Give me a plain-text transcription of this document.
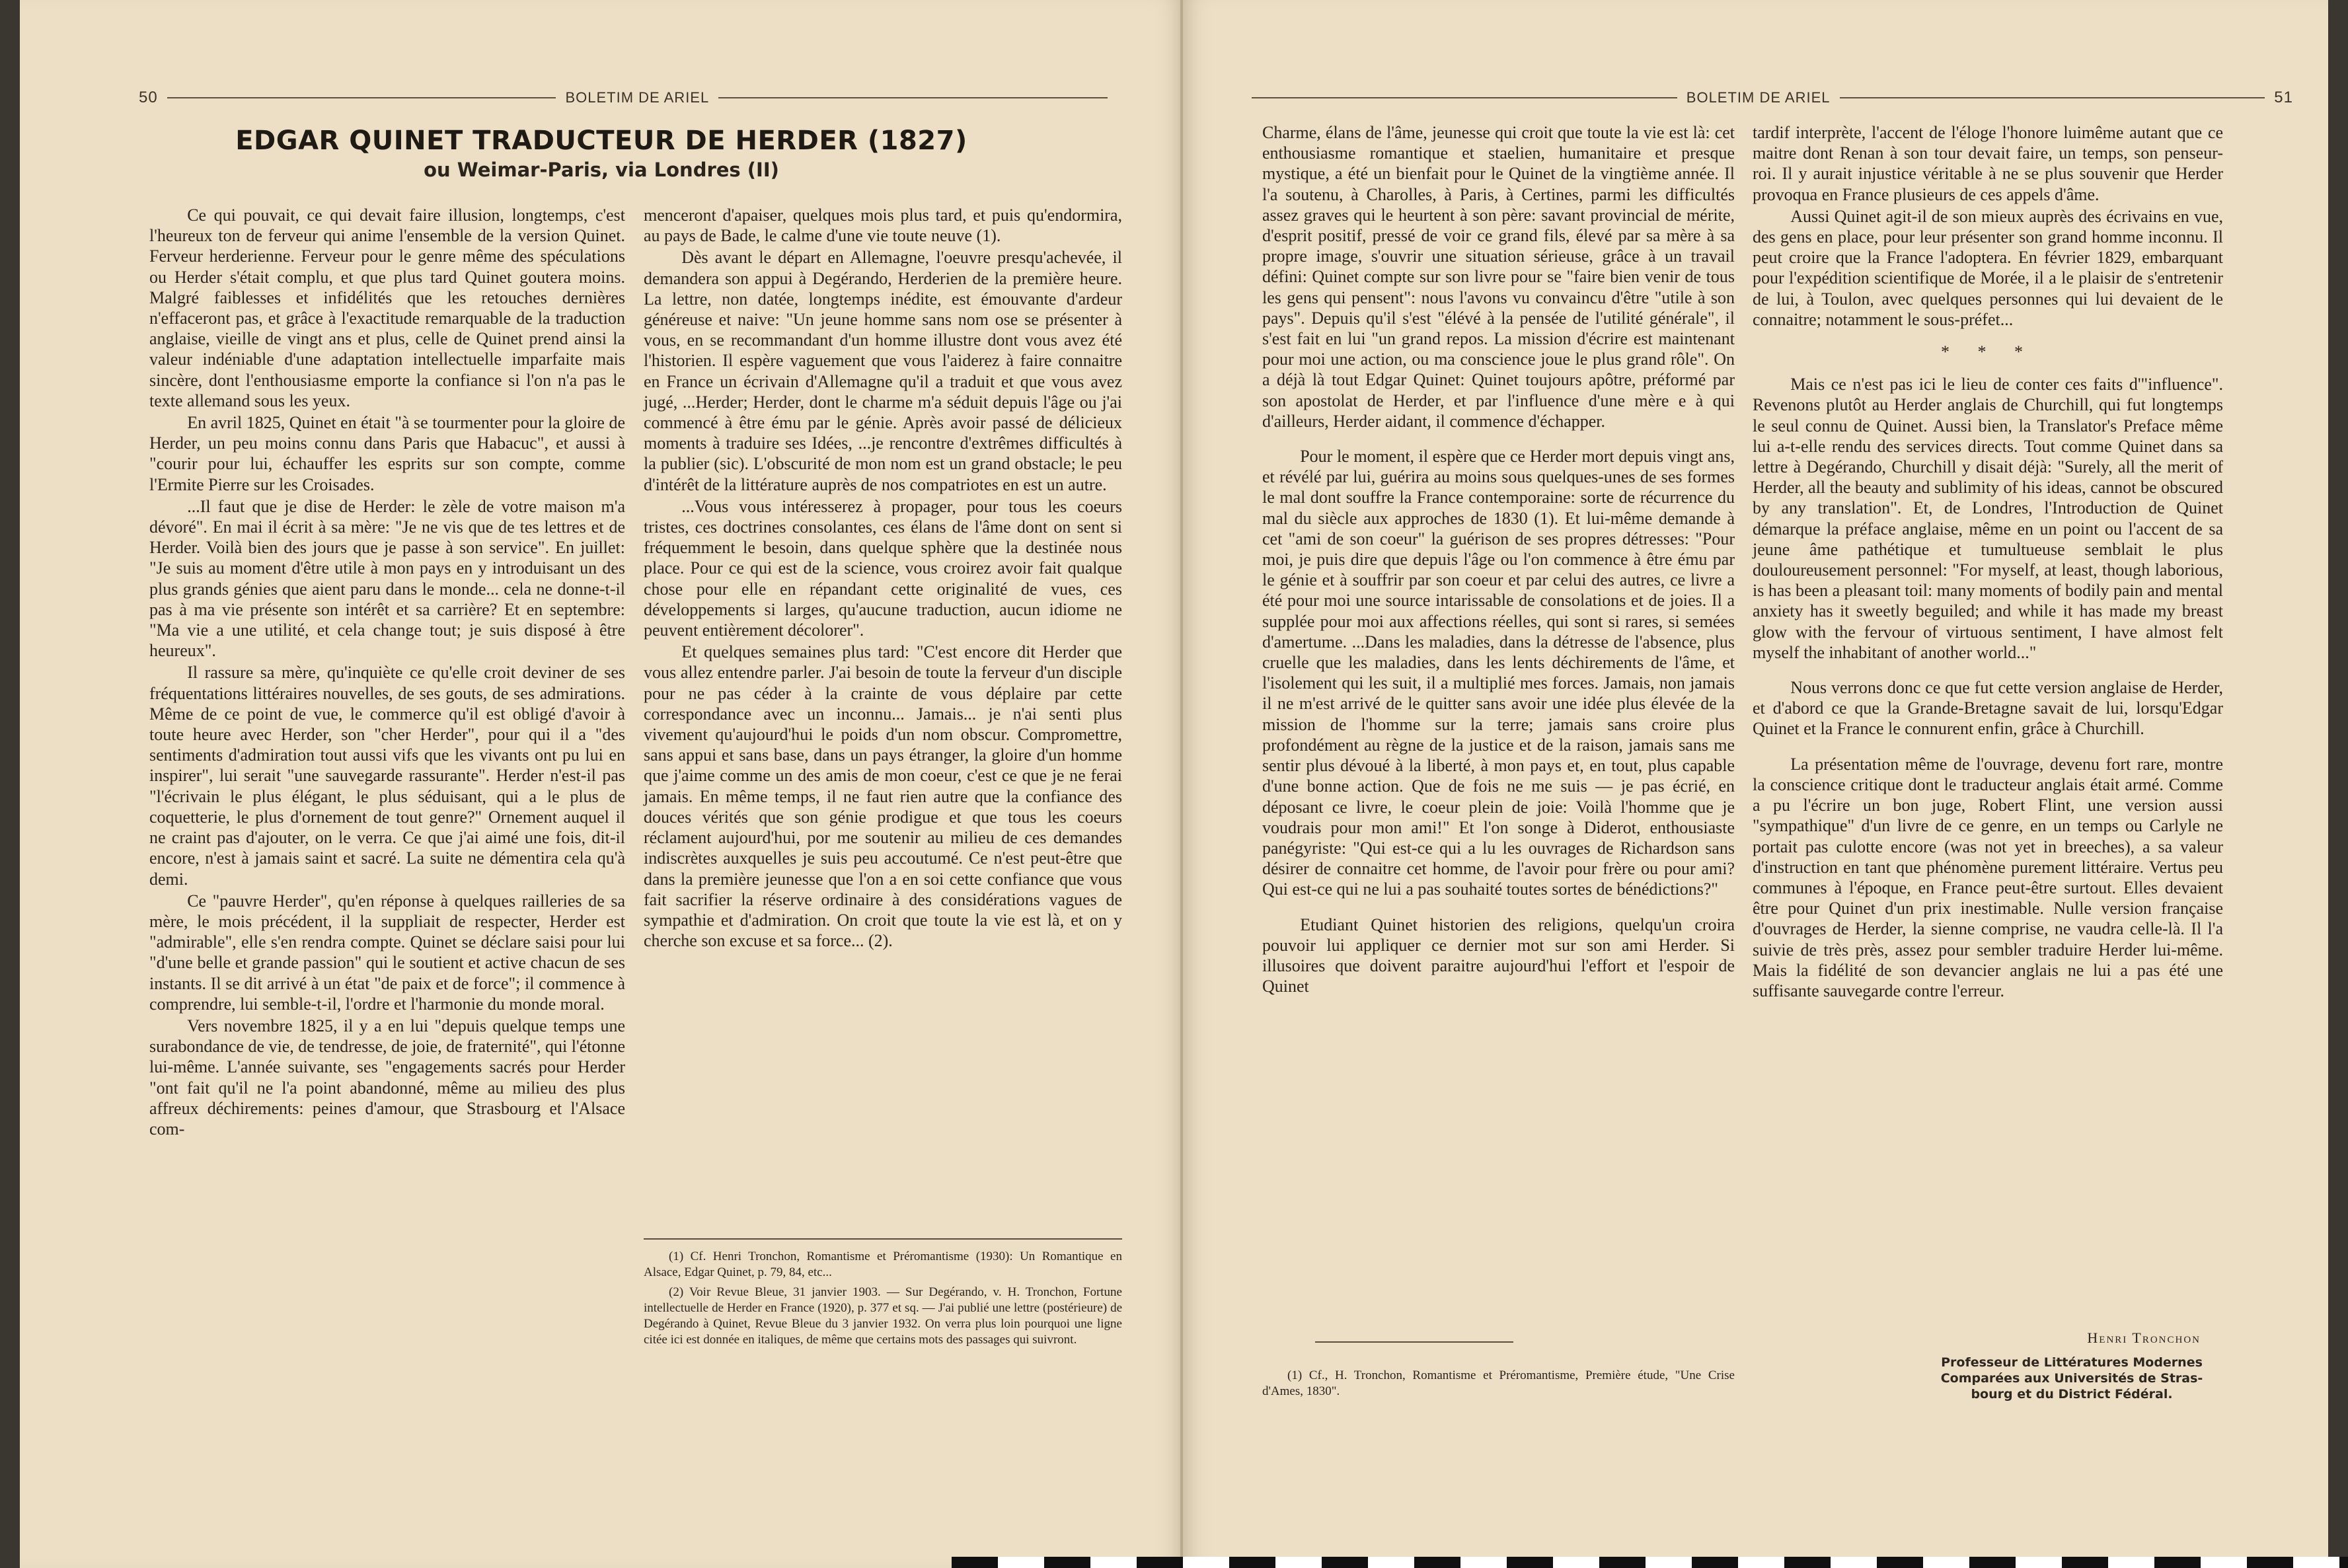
50	BOLETIM DE ARIEL
EDGAR QUINET TRADUCTEUR DE HERDER (1827)
ou Weimar-Paris, via Londres (II)

Ce qui pouvait, ce qui devait faire illusion, longtemps, c'est l'heureux ton de ferveur qui anime l'ensemble de la version Quinet. Ferveur herderienne. Ferveur pour le genre même des spéculations ou Herder s'était complu, et que plus tard Quinet goutera moins. Malgré faiblesses et infidélités que les retouches dernières n'effaceront pas, et grâce à l'exactitude remarquable de la traduction anglaise, vieille de vingt ans et plus, celle de Quinet prend ainsi la valeur indéniable d'une adaptation intellectuelle imparfaite mais sincère, dont l'enthousiasme emporte la confiance si l'on n'a pas le texte allemand sous les yeux.

En avril 1825, Quinet en était "à se tourmenter pour la gloire de Herder, un peu moins connu dans Paris que Habacuc", et aussi à "courir pour lui, échauffer les esprits sur son compte, comme l'Ermite Pierre sur les Croisades.

...Il faut que je dise de Herder: le zèle de votre maison m'a dévoré". En mai il écrit à sa mère: "Je ne vis que de tes lettres et de Herder. Voilà bien des jours que je passe à son service". En juillet: "Je suis au moment d'être utile à mon pays en y introduisant un des plus grands génies que aient paru dans le monde... cela ne donne-t-il pas à ma vie présente son intérêt et sa carrière? Et en septembre: "Ma vie a une utilité, et cela change tout; je suis disposé à être heureux".

Il rassure sa mère, qu'inquiète ce qu'elle croit deviner de ses fréquentations littéraires nouvelles, de ses gouts, de ses admirations. Même de ce point de vue, le commerce qu'il est obligé d'avoir à toute heure avec Herder, son "cher Herder", pour qui il a "des sentiments d'admiration tout aussi vifs que les vivants ont pu lui en inspirer", lui serait "une sauvegarde rassurante". Herder n'est-il pas "l'écrivain le plus élégant, le plus séduisant, qui a le plus de coquetterie, le plus d'ornement de tout genre?" Ornement auquel il ne craint pas d'ajouter, on le verra. Ce que j'ai aimé une fois, dit-il encore, n'est à jamais saint et sacré. La suite ne démentira cela qu'à demi.

Ce "pauvre Herder", qu'en réponse à quelques railleries de sa mère, le mois précédent, il la suppliait de respecter, Herder est "admirable", elle s'en rendra compte. Quinet se déclare saisi pour lui "d'une belle et grande passion" qui le soutient et active chacun de ses instants. Il se dit arrivé à un état "de paix et de force"; il commence à comprendre, lui semble-t-il, l'ordre et l'harmonie du monde moral.

Vers novembre 1825, il y a en lui "depuis quelque temps une surabondance de vie, de tendresse, de joie, de fraternité", qui l'étonne lui-même. L'année suivante, ses "engagements sacrés pour Herder "ont fait qu'il ne l'a point abandonné, même au milieu des plus affreux déchirements: peines d'amour, que Strasbourg et l'Alsace com-

menceront d'apaiser, quelques mois plus tard, et puis qu'endormira, au pays de Bade, le calme d'une vie toute neuve (1).

Dès avant le départ en Allemagne, l'oeuvre presqu'achevée, il demandera son appui à Degérando, Herderien de la première heure. La lettre, non datée, longtemps inédite, est émouvante d'ardeur généreuse et naive: "Un jeune homme sans nom ose se présenter à vous, en se recommandant d'un homme illustre dont vous avez été l'historien. Il espère vaguement que vous l'aiderez à faire connaitre en France un écrivain d'Allemagne qu'il a traduit et que vous avez jugé, ...Herder; Herder, dont le charme m'a séduit depuis l'âge ou j'ai commencé à être ému par le génie. Après avoir passé de délicieux moments à traduire ses Idées, ...je rencontre d'extrêmes difficultés à la publier (sic). L'obscurité de mon nom est un grand obstacle; le peu d'intérêt de la littérature auprès de nos compatriotes en est un autre.

...Vous vous intéresserez à propager, pour tous les coeurs tristes, ces doctrines consolantes, ces élans de l'âme dont on sent si fréquemment le besoin, dans quelque sphère que la destinée nous place. Pour ce qui est de la science, vous croirez avoir fait qualque chose pour elle en répandant cette originalité de vues, ces développements si larges, qu'aucune traduction, aucun idiome ne peuvent entièrement décolorer".

Et quelques semaines plus tard: "C'est encore dit Herder que vous allez entendre parler. J'ai besoin de toute la ferveur d'un disciple pour ne pas céder à la crainte de vous déplaire par cette correspondance avec un inconnu... Jamais... je n'ai senti plus vivement qu'aujourd'hui le poids d'un nom obscur. Compromettre, sans appui et sans base, dans un pays étranger, la gloire d'un homme que j'aime comme un des amis de mon coeur, c'est ce que je ne ferai jamais. En même temps, il ne faut rien autre que la confiance des douces vérités que son génie prodigue et que tous les coeurs réclament aujourd'hui, por me soutenir au milieu de ces demandes indiscrètes auxquelles je suis peu accoutumé. Ce n'est peut-être que dans la première jeunesse que l'on a en soi cette confiance que vous fait sacrifier la réserve ordinaire à des considérations vagues de sympathie et d'admiration. On croit que toute la vie est là, et on y cherche son excuse et sa force... (2).

(1) Cf. Henri Tronchon, Romantisme et Préromantisme (1930): Un Romantique en Alsace, Edgar Quinet, p. 79, 84, etc...

(2) Voir Revue Bleue, 31 janvier 1903. — Sur Degérando, v. H. Tronchon, Fortune intellectuelle de Herder en France (1920), p. 377 et sq. — J'ai publié une lettre (postérieure) de Degérando à Quinet, Revue Bleue du 3 janvier 1932. On verra plus loin pourquoi une ligne citée ici est donnée en italiques, de même que certains mots des passages qui suivront.

BOLETIM DE ARIEL	51

Charme, élans de l'âme, jeunesse qui croit que toute la vie est là: cet enthousiasme romantique et staelien, humanitaire et presque mystique, a été un bienfait pour le Quinet de la vingtième année. Il l'a soutenu, à Charolles, à Paris, à Certines, parmi les difficultés assez graves qui le heurtent à son père: savant provincial de mérite, d'esprit positif, pressé de voir ce grand fils, élevé par sa mère à sa propre image, s'ouvrir une situation sérieuse, grâce à un travail défini: Quinet compte sur son livre pour se "faire bien venir de tous les gens qui pensent": nous l'avons vu convaincu d'être "utile à son pays". Depuis qu'il s'est "élévé à la pensée de l'utilité générale", il s'est fait en lui "un grand repos. La mission d'écrire est maintenant pour moi une action, ou ma conscience joue le plus grand rôle". On a déjà là tout Edgar Quinet: Quinet toujours apôtre, préformé par son apostolat de Herder, et par l'influence d'une mère e à qui d'ailleurs, Herder aidant, il commence d'échapper.

Pour le moment, il espère que ce Herder mort depuis vingt ans, et révélé par lui, guérira au moins sous quelques-unes de ses formes le mal dont souffre la France contemporaine: sorte de récurrence du mal du siècle aux approches de 1830 (1). Et lui-même demande à cet "ami de son coeur" la guérison de ses propres détresses: "Pour moi, je puis dire que depuis l'âge ou l'on commence à être ému par le génie et à souffrir par son coeur et par celui des autres, ce livre a été pour moi une source intarissable de consolations et de joies. Il a supplée pour moi aux affections réelles, qui sont si rares, si semées d'amertume. ...Dans les maladies, dans la détresse de l'absence, plus cruelle que les maladies, dans les lents déchirements de l'âme, et l'isolement qui les suit, il a multiplié mes forces. Jamais, non jamais il ne m'est arrivé de le quitter sans avoir une idée plus élevée de la mission de l'homme sur la terre; jamais sans croire plus profondément au règne de la justice et de la raison, jamais sans me sentir plus dévoué à la liberté, à mon pays et, en tout, plus capable d'une bonne action. Que de fois ne me suis — je pas écrié, en déposant ce livre, le coeur plein de joie: Voilà l'homme que je voudrais pour mon ami!" Et l'on songe à Diderot, enthousiaste panégyriste: "Qui est-ce qui a lu les ouvrages de Richardson sans désirer de connaitre cet homme, de l'avoir pour frère ou pour ami? Qui est-ce qui ne lui a pas souhaité toutes sortes de bénédictions?"

Etudiant Quinet historien des religions, quelqu'un croira pouvoir lui appliquer ce dernier mot sur son ami Herder. Si illusoires que doivent paraitre aujourd'hui l'effort et l'espoir de Quinet

(1) Cf., H. Tronchon, Romantisme et Préromantisme, Première étude, "Une Crise d'Ames, 1830".

tardif interprète, l'accent de l'éloge l'honore luimême autant que ce maitre dont Renan à son tour devait faire, un temps, son penseur-roi. Il y aurait injustice véritable à ne se plus souvenir que Herder provoqua en France plusieurs de ces appels d'âme.

Aussi Quinet agit-il de son mieux auprès des écrivains en vue, des gens en place, pour leur présenter son grand homme inconnu. Il peut croire que la France l'adoptera. En février 1829, embarquant pour l'expédition scientifique de Morée, il a le plaisir de s'entretenir de lui, à Toulon, avec quelques personnes qui lui devaient de le connaitre; notamment le sous-préfet...

* * *

Mais ce n'est pas ici le lieu de conter ces faits d'"influence". Revenons plutôt au Herder anglais de Churchill, qui fut longtemps le seul connu de Quinet. Aussi bien, la Translator's Preface même lui a-t-elle rendu des services directs. Tout comme Quinet dans sa lettre à Degérando, Churchill y disait déjà: "Surely, all the merit of Herder, all the beauty and sublimity of his ideas, cannot be obscured by any translation". Et, de Londres, l'Introduction de Quinet démarque la préface anglaise, même en un point ou l'accent de sa jeune âme pathétique et tumultueuse semblait le plus douloureusement personnel: "For myself, at least, though laborious, is has been a pleasant toil: many moments of bodily pain and mental anxiety has it sweetly beguiled; and while it has made my breast glow with the fervour of virtuous sentiment, I have almost felt myself the inhabitant of another world..."

Nous verrons donc ce que fut cette version anglaise de Herder, et d'abord ce que la Grande-Bretagne savait de lui, lorsqu'Edgar Quinet et la France le connurent enfin, grâce à Churchill.

La présentation même de l'ouvrage, devenu fort rare, montre la conscience critique dont le traducteur anglais était armé. Comme a pu l'écrire un bon juge, Robert Flint, une version aussi "sympathique" d'un livre de ce genre, en un temps ou Carlyle ne portait pas culotte encore (was not yet in breeches), a sa valeur d'instruction en tant que phénomène purement littéraire. Vertus peu communes à l'époque, en France peut-être surtout. Elles devaient être pour Quinet d'un prix inestimable. Nulle version française d'ouvrages de Herder, la sienne comprise, ne vaudra celle-là. Il l'a suivie de très près, assez pour sembler traduire Herder lui-même. Mais la fidélité de son devancier anglais ne lui a pas été une suffisante sauvegarde contre l'erreur.

Henri Tronchon
Professeur de Littératures Modernes
Comparées aux Universités de Stras-
bourg et du District Fédéral.
